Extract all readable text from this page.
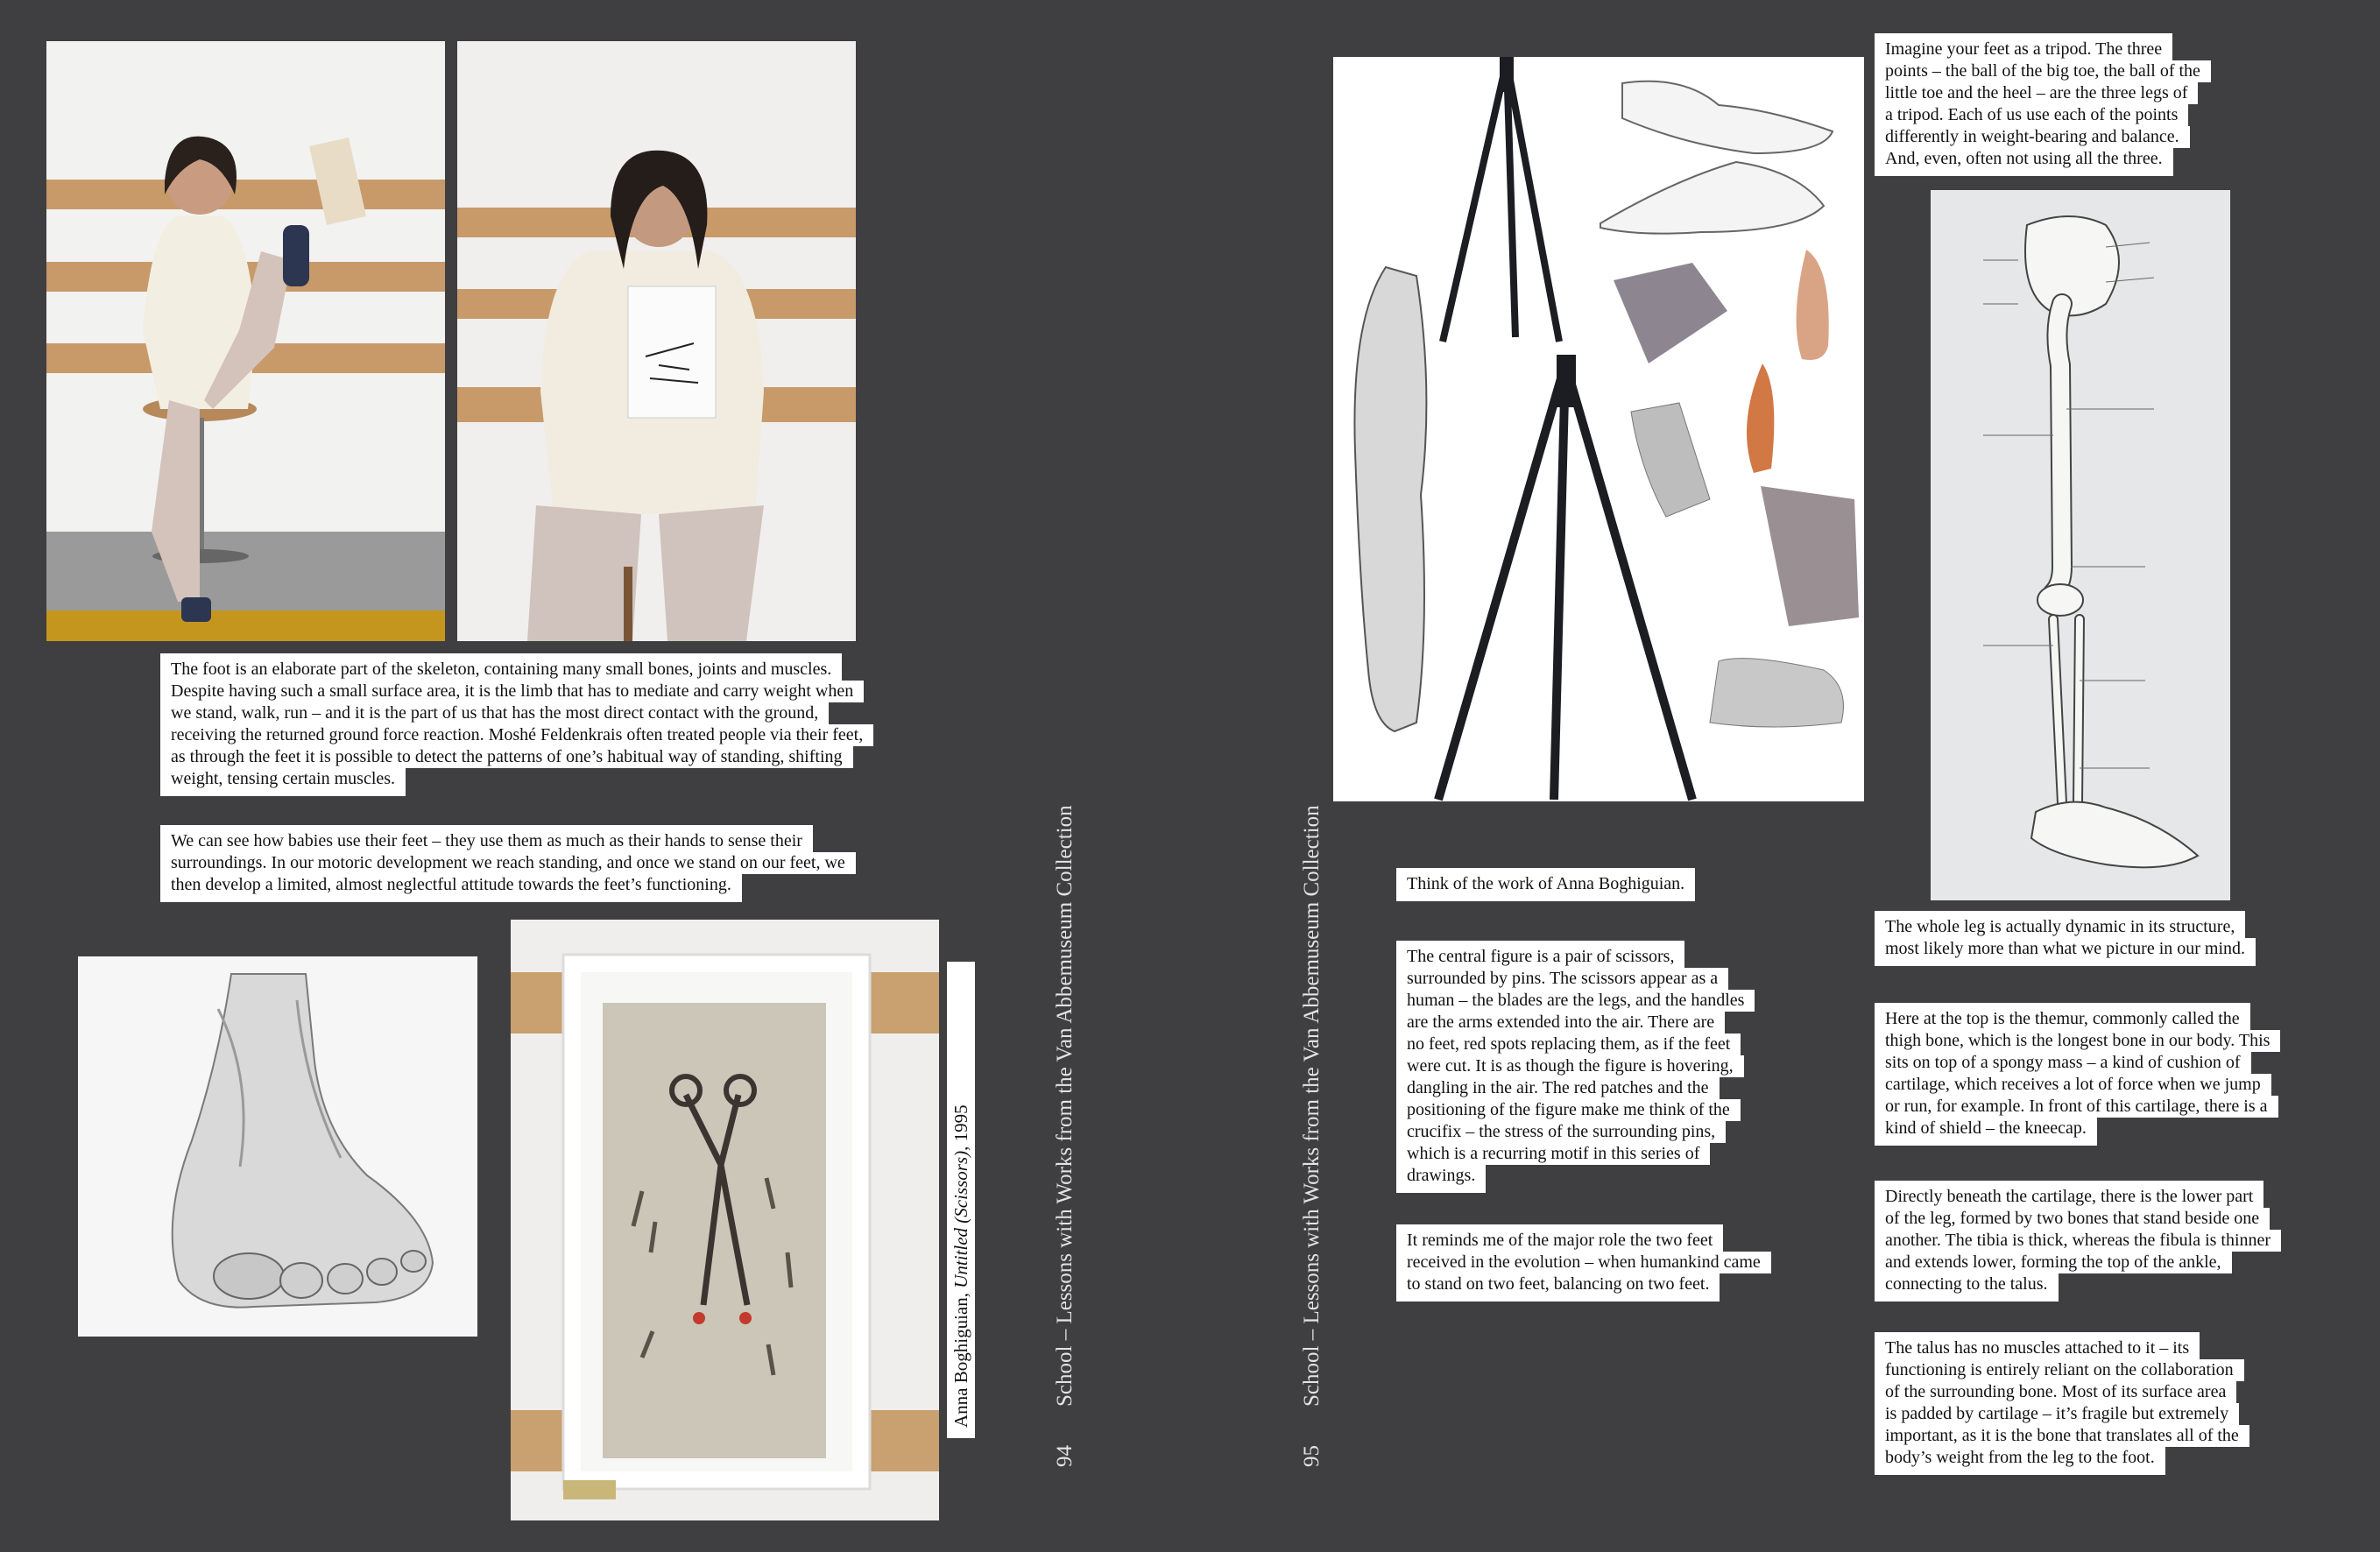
The foot is an elaborate part of the skeleton, containing many small bones, joints and muscles.
Despite having such a small surface area, it is the limb that has to mediate and carry weight when
we stand, walk, run – and it is the part of us that has the most direct contact with the ground,
receiving the returned ground force reaction. Moshé Feldenkrais often treated people via their feet,
as through the feet it is possible to detect the patterns of one’s habitual way of standing, shifting
weight, tensing certain muscles.
We can see how babies use their feet – they use them as much as their hands to sense their
surroundings. In our motoric development we reach standing, and once we stand on our feet, we
then develop a limited, almost neglectful attitude towards the feet’s functioning.
Anna Boghiguian, Untitled (Scissors), 1995
94School – Lessons with Works from the Van Abbemuseum Collection
95School – Lessons with Works from the Van Abbemuseum Collection
Imagine your feet as a tripod. The three
points – the ball of the big toe, the ball of the
little toe and the heel – are the three legs of
a tripod. Each of us use each of the points
differently in weight-bearing and balance.
And, even, often not using all the three.
Think of the work of Anna Boghiguian.
The central figure is a pair of scissors,
surrounded by pins. The scissors appear as a
human – the blades are the legs, and the handles
are the arms extended into the air. There are
no feet, red spots replacing them, as if the feet
were cut. It is as though the figure is hovering,
dangling in the air. The red patches and the
positioning of the figure make me think of the
crucifix – the stress of the surrounding pins,
which is a recurring motif in this series of
drawings.
It reminds me of the major role the two feet
received in the evolution – when humankind came
to stand on two feet, balancing on two feet.
The whole leg is actually dynamic in its structure,
most likely more than what we picture in our mind.
Here at the top is the themur, commonly called the
thigh bone, which is the longest bone in our body. This
sits on top of a spongy mass – a kind of cushion of
cartilage, which receives a lot of force when we jump
or run, for example. In front of this cartilage, there is a
kind of shield – the kneecap.
Directly beneath the cartilage, there is the lower part
of the leg, formed by two bones that stand beside one
another. The tibia is thick, whereas the fibula is thinner
and extends lower, forming the top of the ankle,
connecting to the talus.
The talus has no muscles attached to it – its
functioning is entirely reliant on the collaboration
of the surrounding bone. Most of its surface area
is padded by cartilage – it’s fragile but extremely
important, as it is the bone that translates all of the
body’s weight from the leg to the foot.
